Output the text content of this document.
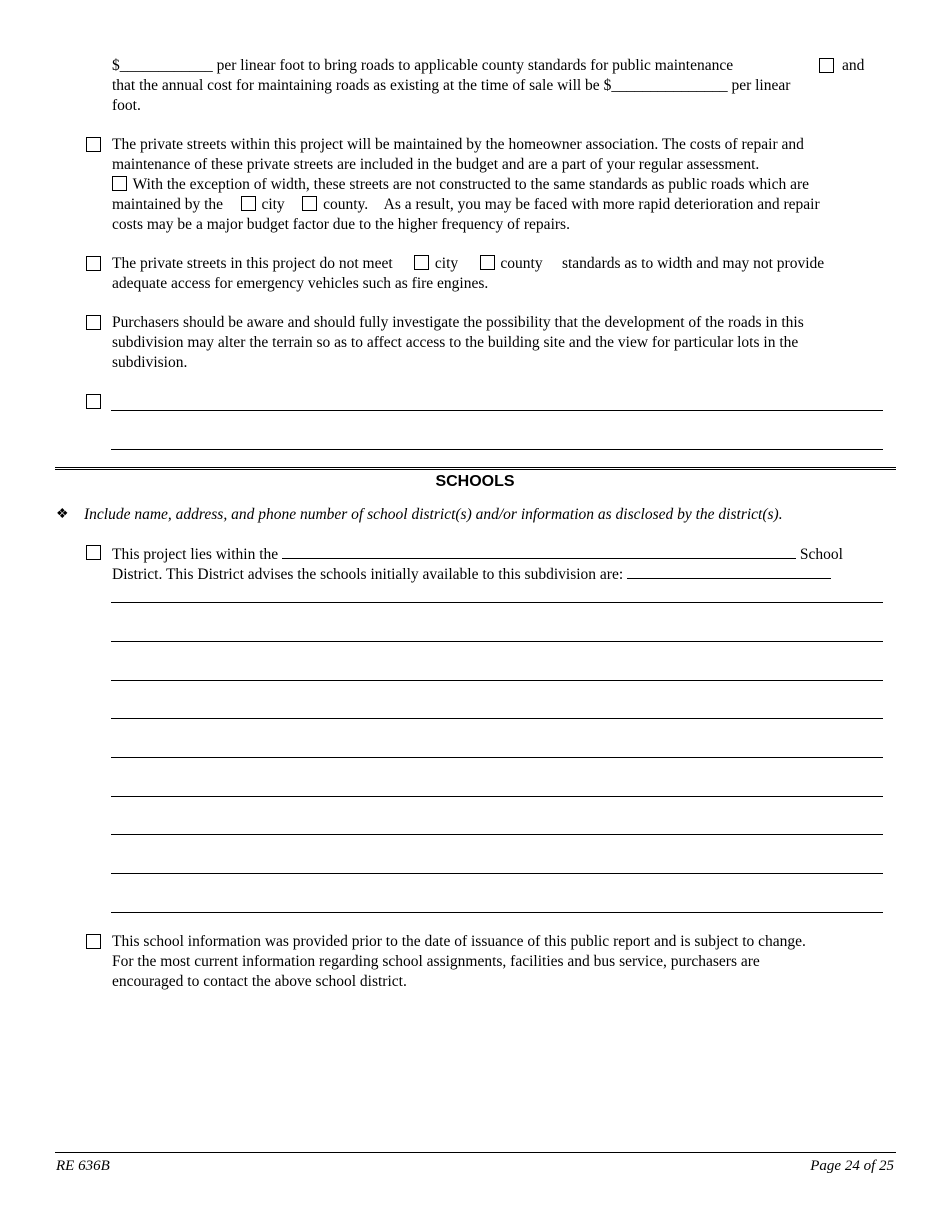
$____________ per linear foot to bring roads to applicable county standards for public maintenance
that the annual cost for maintaining roads as existing at the time of sale will be $_______________ per linear
foot.
and
The private streets within this project will be maintained by the homeowner association. The costs of repair and
maintenance of these private streets are included in the budget and are a part of your regular assessment.
With the exception of width, these streets are not constructed to the same standards as public roads which are
maintained by the city county. As a result, you may be faced with more rapid deterioration and repair
costs may be a major budget factor due to the higher frequency of repairs.
The private streets in this project do not meet	city	county standards as to width and may not provide
adequate access for emergency vehicles such as fire engines.
Purchasers should be aware and should fully investigate the possibility that the development of the roads in this
subdivision may alter the terrain so as to affect access to the building site and the view for particular lots in the
subdivision.
SCHOOLS
❖ Include name, address, and phone number of school district(s) and/or information as disclosed by the district(s).
This project lies within the	School
District. This District advises the schools initially available to this subdivision are:
This school information was provided prior to the date of issuance of this public report and is subject to change.
For the most current information regarding school assignments, facilities and bus service, purchasers are
encouraged to contact the above school district.
RE 636B	Page 24 of 25
